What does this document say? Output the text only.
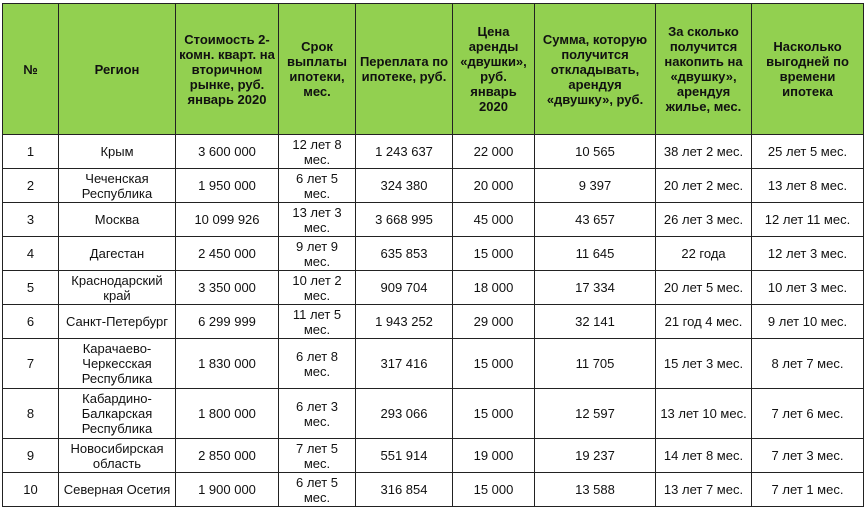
№	Регион	Стоимость 2-комн. кварт. на вторичном рынке, руб. январь 2020	Срок выплаты ипотеки, мес.	Переплата по ипотеке, руб.	Цена аренды «двушки», руб. январь 2020	Сумма, которую получится откладывать, арендуя «двушку», руб.	За сколько получится накопить на «двушку», арендуя жилье, мес.	Насколько выгодней по времени ипотека
1	Крым	3 600 000	12 лет 8 мес.	1 243 637	22 000	10 565	38 лет 2 мес.	25 лет 5 мес.
2	Чеченская Республика	1 950 000	6 лет 5 мес.	324 380	20 000	9 397	20 лет 2 мес.	13 лет 8 мес.
3	Москва	10 099 926	13 лет 3 мес.	3 668 995	45 000	43 657	26 лет 3 мес.	12 лет 11 мес.
4	Дагестан	2 450 000	9 лет 9 мес.	635 853	15 000	11 645	22 года	12 лет 3 мес.
5	Краснодарский край	3 350 000	10 лет 2 мес.	909 704	18 000	17 334	20 лет 5 мес.	10 лет 3 мес.
6	Санкт-Петербург	6 299 999	11 лет 5 мес.	1 943 252	29 000	32 141	21 год 4 мес.	9 лет 10 мес.
7	Карачаево-Черкесская Республика	1 830 000	6 лет 8 мес.	317 416	15 000	11 705	15 лет 3 мес.	8 лет 7 мес.
8	Кабардино-Балкарская Республика	1 800 000	6 лет 3 мес.	293 066	15 000	12 597	13 лет 10 мес.	7 лет 6 мес.
9	Новосибирская область	2 850 000	7 лет 5 мес.	551 914	19 000	19 237	14 лет 8 мес.	7 лет 3 мес.
10	Северная Осетия	1 900 000	6 лет 5 мес.	316 854	15 000	13 588	13 лет 7 мес.	7 лет 1 мес.
